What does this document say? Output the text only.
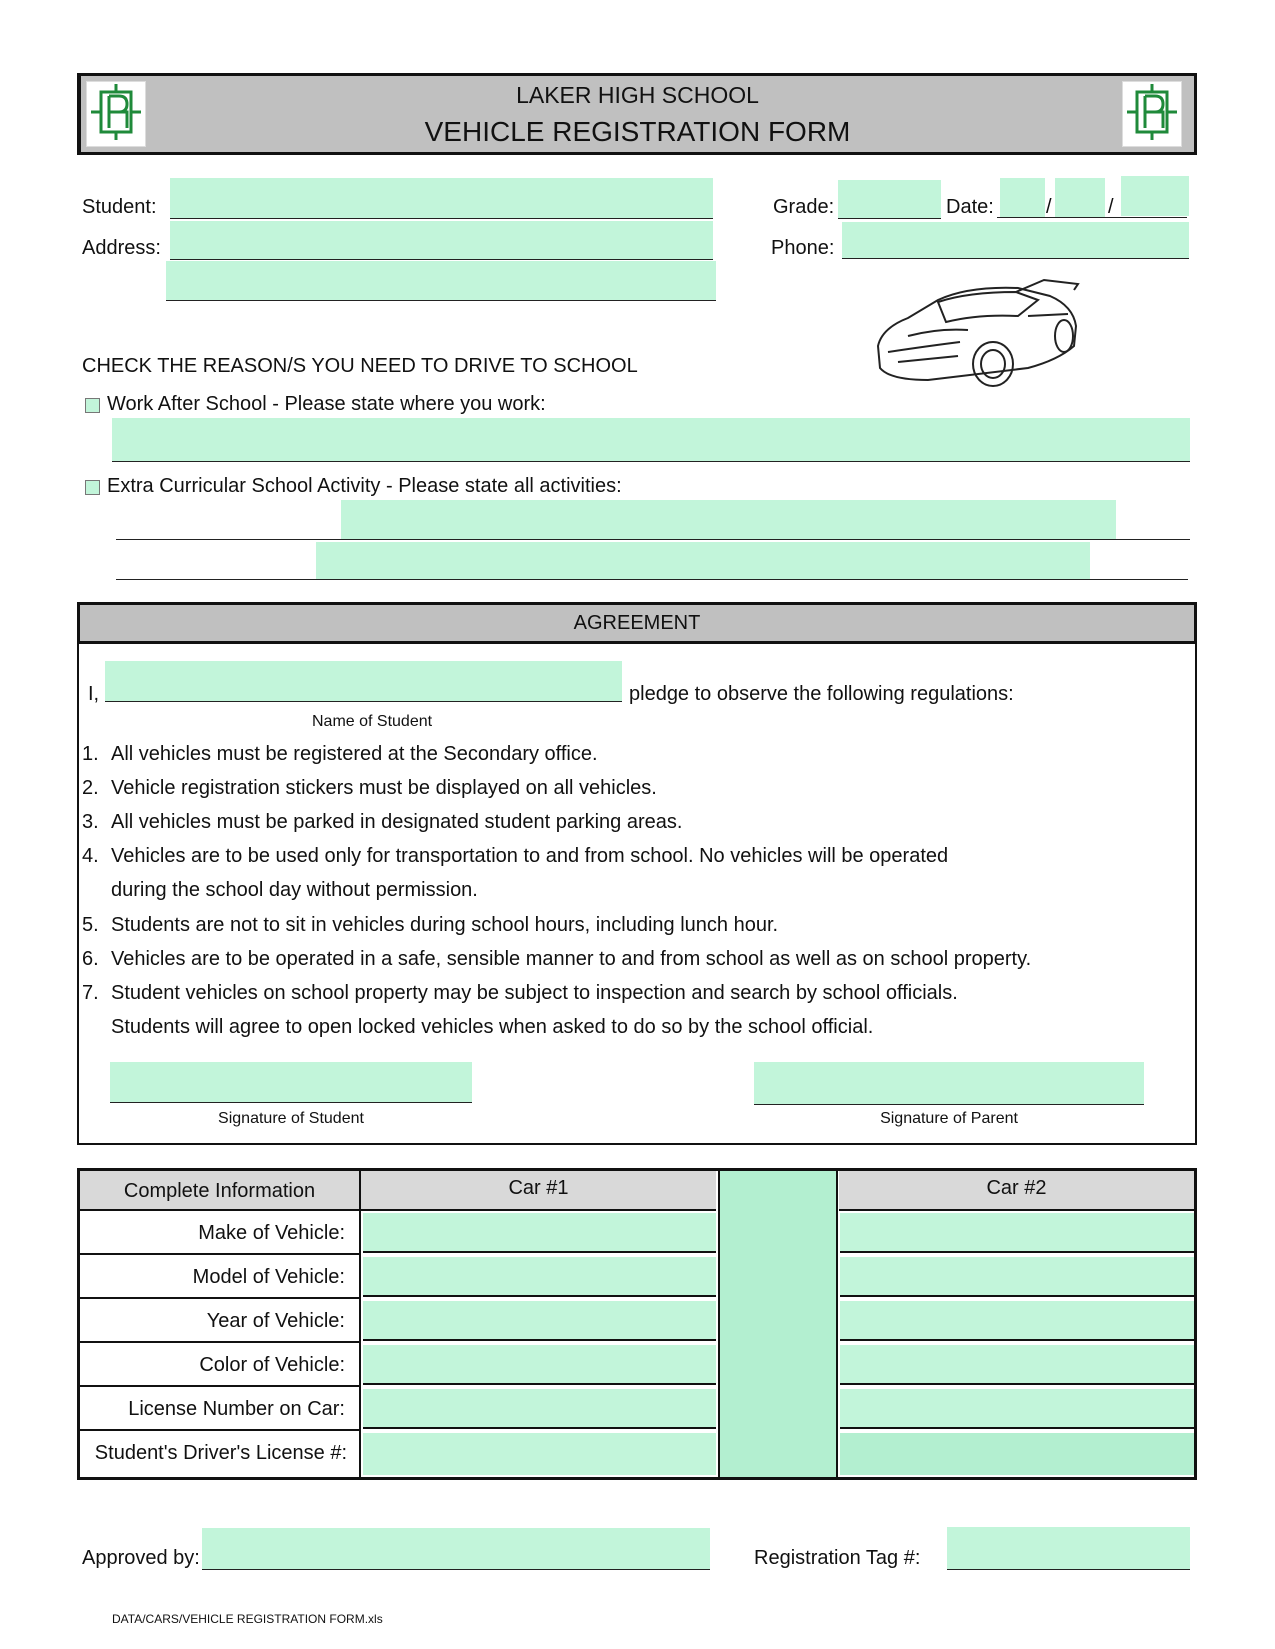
LAKER HIGH SCHOOL
VEHICLE REGISTRATION FORM
Student:	Grade:	Date:	/	/
Address:	Phone:
CHECK THE REASON/S YOU NEED TO DRIVE TO SCHOOL
Work After School - Please state where you work:
Extra Curricular School Activity - Please state all activities:
AGREEMENT
I,	pledge to observe the following regulations:
Name of Student
1. All vehicles must be registered at the Secondary office.
2. Vehicle registration stickers must be displayed on all vehicles.
3. All vehicles must be parked in designated student parking areas.
4. Vehicles are to be used only for transportation to and from school. No vehicles will be operated
during the school day without permission.
5. Students are not to sit in vehicles during school hours, including lunch hour.
6. Vehicles are to be operated in a safe, sensible manner to and from school as well as on school property.
7. Student vehicles on school property may be subject to inspection and search by school officials.
Students will agree to open locked vehicles when asked to do so by the school official.
Signature of Student	Signature of Parent
Complete Information	Car #1	Car #2
Make of Vehicle:
Model of Vehicle:
Year of Vehicle:
Color of Vehicle:
License Number on Car:
Student's Driver's License #:
Approved by:	Registration Tag #:
DATA/CARS/VEHICLE REGISTRATION FORM.xls
